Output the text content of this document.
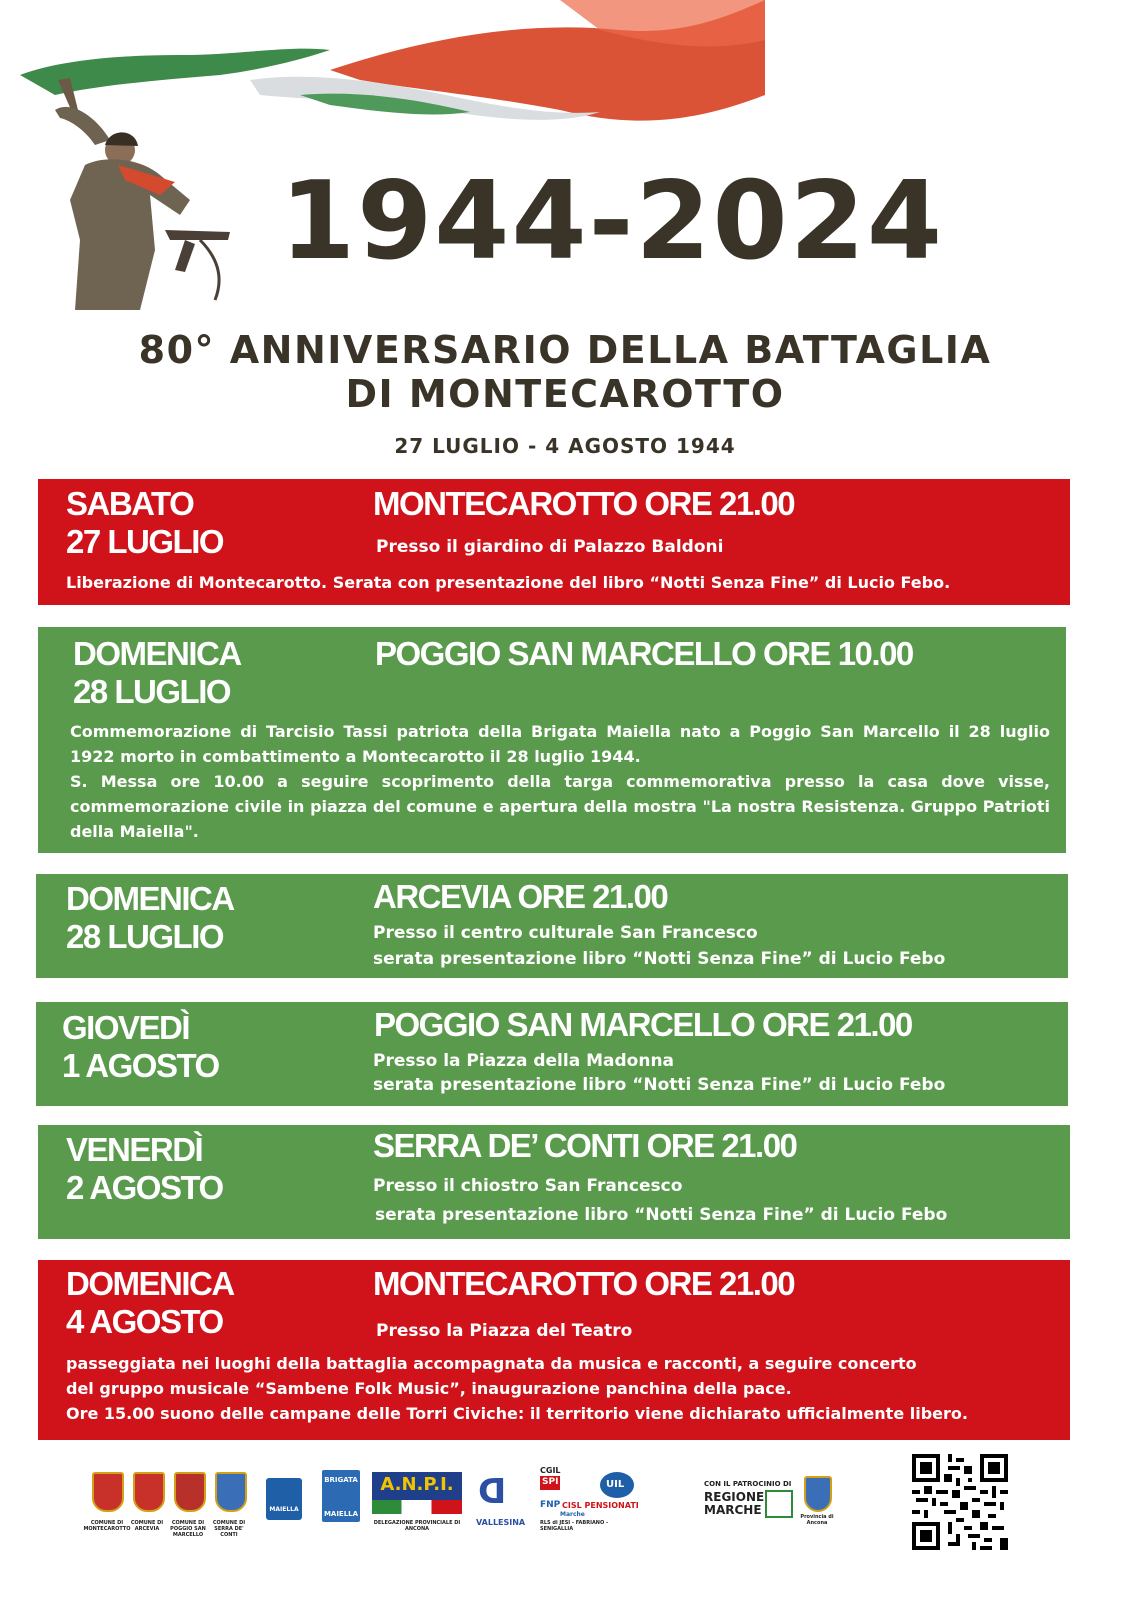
1944-2024
80° ANNIVERSARIO DELLA BATTAGLIA
DI MONTECAROTTO
27 LUGLIO - 4 AGOSTO 1944
SABATO
27 LUGLIO
MONTECAROTTO ORE 21.00
Presso il giardino di Palazzo Baldoni
Liberazione di Montecarotto. Serata con presentazione del libro “Notti Senza Fine” di Lucio Febo.
DOMENICA
28 LUGLIO
POGGIO SAN MARCELLO ORE 10.00
Commemorazione di Tarcisio Tassi patriota della Brigata Maiella nato a Poggio San Marcello il 28 luglio 1922 morto in combattimento a Montecarotto il 28 luglio 1944.
S. Messa ore 10.00 a seguire scoprimento della targa commemorativa presso la casa dove visse, commemorazione civile in piazza del comune e apertura della mostra "La nostra Resistenza. Gruppo Patrioti della Maiella".
DOMENICA
28 LUGLIO
ARCEVIA ORE 21.00
Presso il centro culturale San Francesco
serata presentazione libro “Notti Senza Fine” di Lucio Febo
GIOVEDÌ
1 AGOSTO
POGGIO SAN MARCELLO ORE 21.00
Presso la Piazza della Madonna
serata presentazione libro “Notti Senza Fine” di Lucio Febo
VENERDÌ
2 AGOSTO
SERRA DE’ CONTI ORE 21.00
Presso il chiostro San Francesco
serata presentazione libro “Notti Senza Fine” di Lucio Febo
DOMENICA
4 AGOSTO
MONTECAROTTO ORE 21.00
Presso la Piazza del Teatro
passeggiata nei luoghi della battaglia accompagnata da musica e racconti, a seguire concerto
del gruppo musicale “Sambene Folk Music”, inaugurazione panchina della pace.
Ore 15.00 suono delle campane delle Torri Civiche: il territorio viene dichiarato ufficialmente libero.
COMUNE DI MONTECAROTTO
COMUNE DI ARCEVIA
COMUNE DI POGGIO SAN MARCELLO
COMUNE DI SERRA DE' CONTI
MAIELLA
BRIGATA
MAIELLA
A.N.P.I.
DELEGAZIONE PROVINCIALE DI ANCONA
ᗡ
VALLESINA
CGIL
SPI	UIL
FNP CISL PENSIONATI
Marche
RLS di JESI - FABRIANO - SENIGALLIA
CON IL PATROCINIO DI
REGIONE
MARCHE	Provincia di Ancona
